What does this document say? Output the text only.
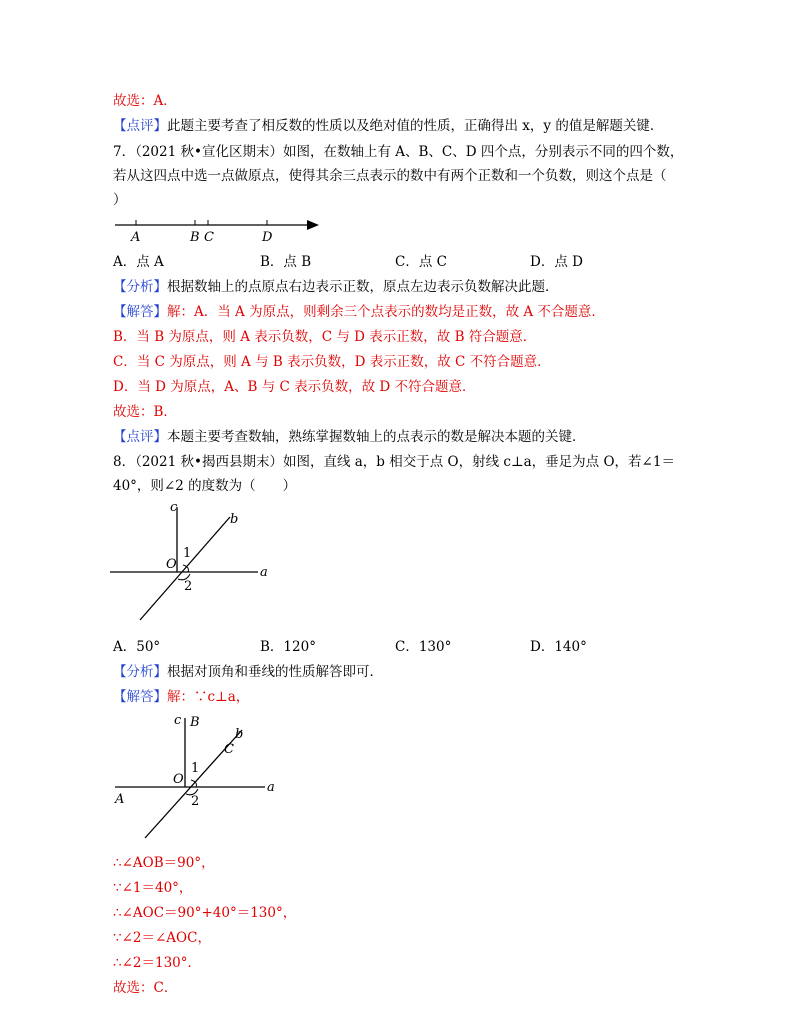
故选：A．
【点评】此题主要考查了相反数的性质以及绝对值的性质，正确得出 x，y 的值是解题关键．
7．（2021 秋•宣化区期末）如图，在数轴上有 A、B、C、D 四个点，分别表示不同的四个数，
若从这四点中选一点做原点，使得其余三点表示的数中有两个正数和一个负数，则这个点是（
）
A	B C	D
A．点 A	B．点 B	C．点 C	D．点 D
【分析】根据数轴上的点原点右边表示正数，原点左边表示负数解决此题．
【解答】解：A．当 A 为原点，则剩余三个点表示的数均是正数，故 A 不合题意．
B．当 B 为原点，则 A 表示负数，C 与 D 表示正数，故 B 符合题意．
C．当 C 为原点，则 A 与 B 表示负数，D 表示正数，故 C 不符合题意．
D．当 D 为原点，A、B 与 C 表示负数，故 D 不符合题意．
故选：B．
【点评】本题主要考查数轴，熟练掌握数轴上的点表示的数是解决本题的关键．
8．（2021 秋•揭西县期末）如图，直线 a，b 相交于点 O，射线 c⊥a，垂足为点 O，若∠1＝
40°，则∠2 的度数为（　　）
c
b
O
1
2
a
A．50°	B．120°	C．130°	D．140°
【分析】根据对顶角和垂线的性质解答即可．
【解答】解：∵c⊥a，
c B
b
C
O
1
2
A
a
∴∠AOB＝90°，
∵∠1＝40°，
∴∠AOC＝90°+40°＝130°，
∵∠2＝∠AOC，
∴∠2＝130°．
故选：C．
